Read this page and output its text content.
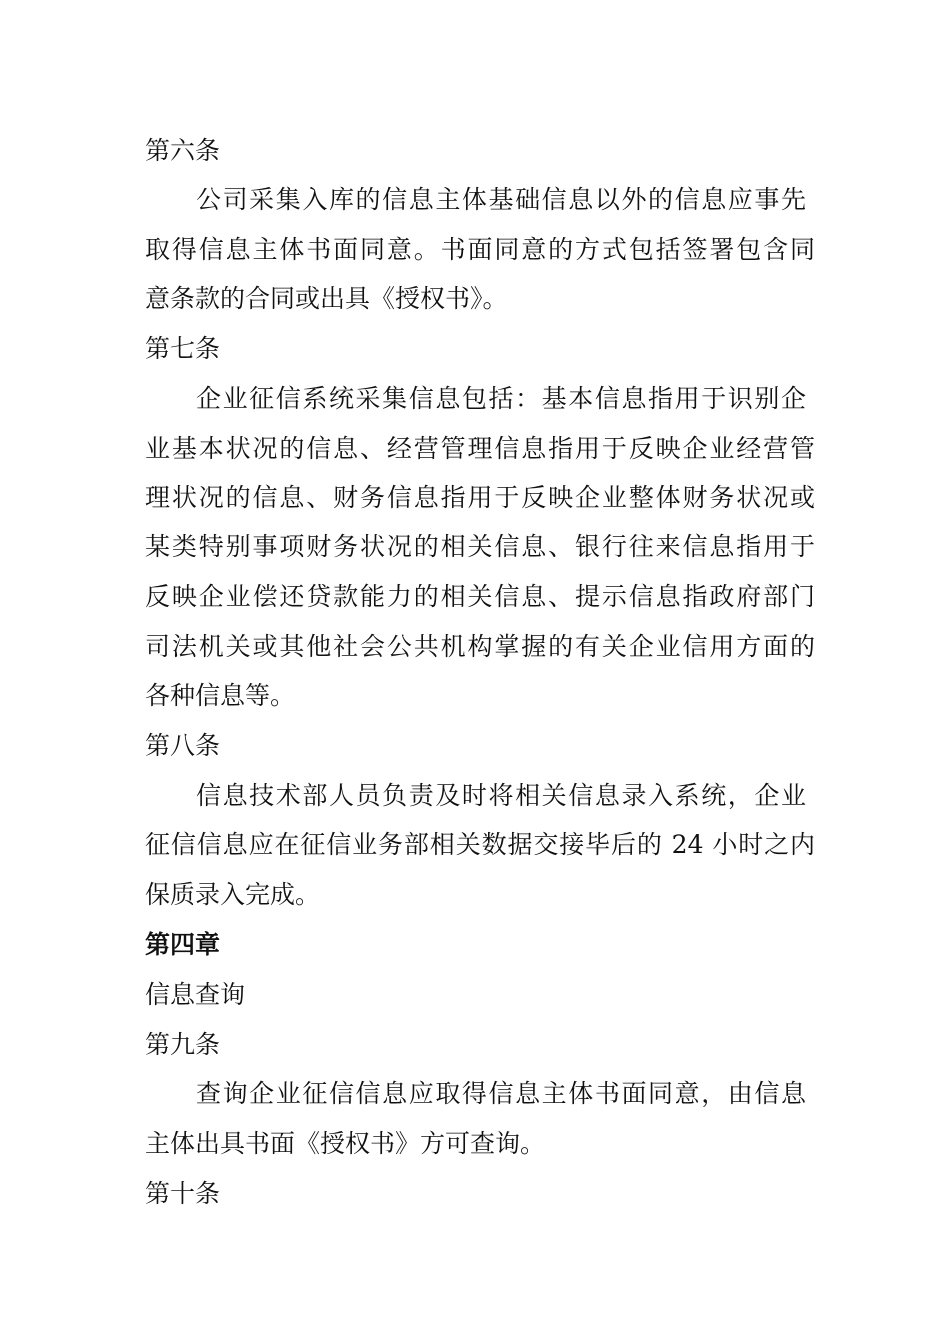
第六条
公司采集入库的信息主体基础信息以外的信息应事先
取得信息主体书面同意。书面同意的方式包括签署包含同
意条款的合同或出具《授权书》。
第七条
企业征信系统采集信息包括：基本信息指用于识别企
业基本状况的信息、经营管理信息指用于反映企业经营管
理状况的信息、财务信息指用于反映企业整体财务状况或
某类特别事项财务状况的相关信息、银行往来信息指用于
反映企业偿还贷款能力的相关信息、提示信息指政府部门
司法机关或其他社会公共机构掌握的有关企业信用方面的
各种信息等。
第八条
信息技术部人员负责及时将相关信息录入系统，企业
征信信息应在征信业务部相关数据交接毕后的 24 小时之内
保质录入完成。
第四章
信息查询
第九条
查询企业征信信息应取得信息主体书面同意，由信息
主体出具书面《授权书》方可查询。
第十条
